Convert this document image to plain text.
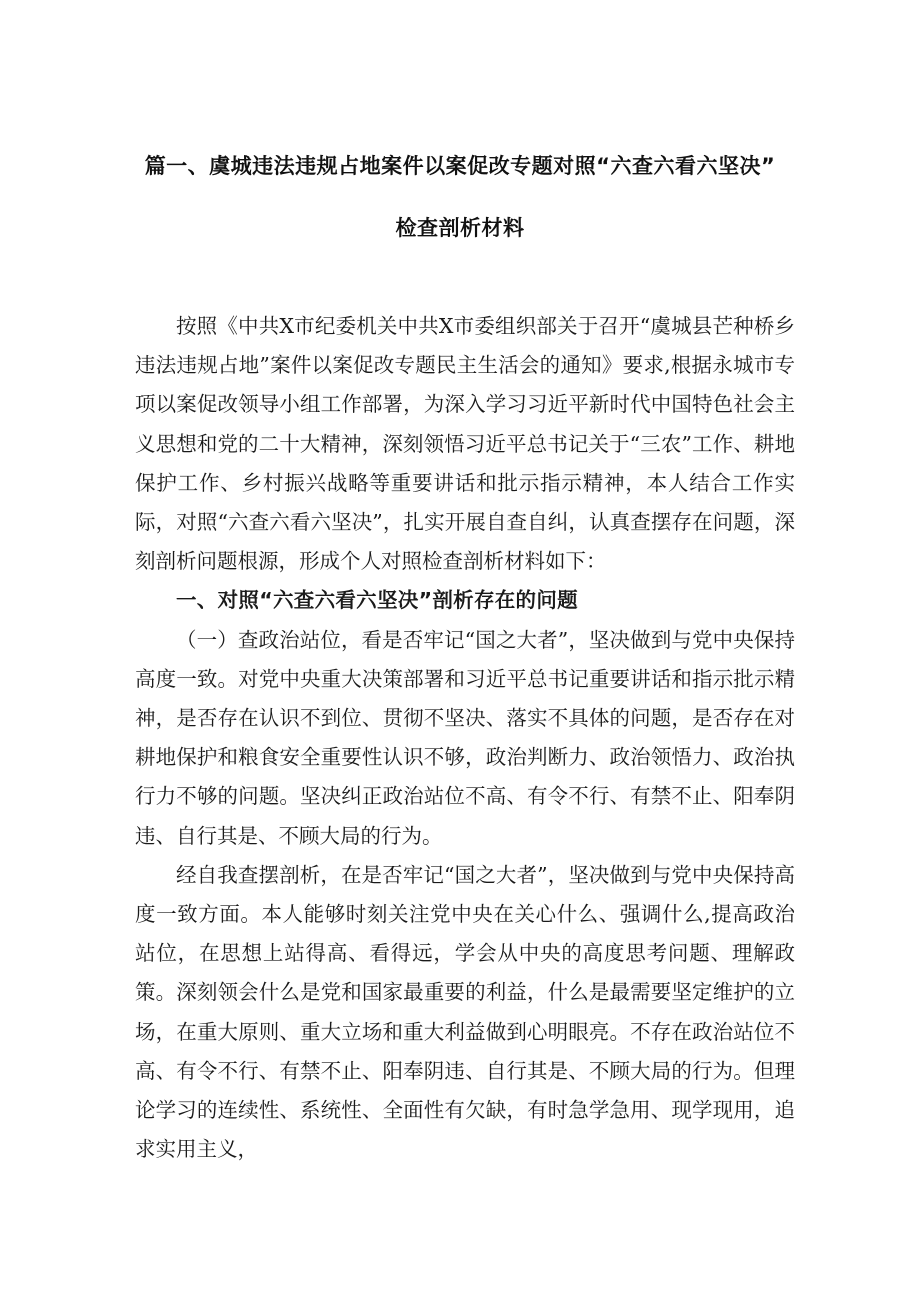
篇一、虞城违法违规占地案件以案促改专题对照“六查六看六坚决”
检查剖析材料

按照《中共X市纪委机关中共X市委组织部关于召开“虞城县芒种桥乡违法违规占地”案件以案促改专题民主生活会的通知》要求,根据永城市专项以案促改领导小组工作部署，为深入学习习近平新时代中国特色社会主义思想和党的二十大精神，深刻领悟习近平总书记关于“三农”工作、耕地保护工作、乡村振兴战略等重要讲话和批示指示精神，本人结合工作实际，对照“六查六看六坚决”，扎实开展自查自纠，认真查摆存在问题，深刻剖析问题根源，形成个人对照检查剖析材料如下：

一、对照“六查六看六坚决”剖析存在的问题

（一）查政治站位，看是否牢记“国之大者”，坚决做到与党中央保持高度一致。对党中央重大决策部署和习近平总书记重要讲话和指示批示精神，是否存在认识不到位、贯彻不坚决、落实不具体的问题，是否存在对耕地保护和粮食安全重要性认识不够，政治判断力、政治领悟力、政治执行力不够的问题。坚决纠正政治站位不高、有令不行、有禁不止、阳奉阴违、自行其是、不顾大局的行为。

经自我查摆剖析，在是否牢记“国之大者”，坚决做到与党中央保持高度一致方面。本人能够时刻关注党中央在关心什么、强调什么,提高政治站位，在思想上站得高、看得远，学会从中央的高度思考问题、理解政策。深刻领会什么是党和国家最重要的利益，什么是最需要坚定维护的立场，在重大原则、重大立场和重大利益做到心明眼亮。不存在政治站位不高、有令不行、有禁不止、阳奉阴违、自行其是、不顾大局的行为。但理论学习的连续性、系统性、全面性有欠缺，有时急学急用、现学现用，追求实用主义，
